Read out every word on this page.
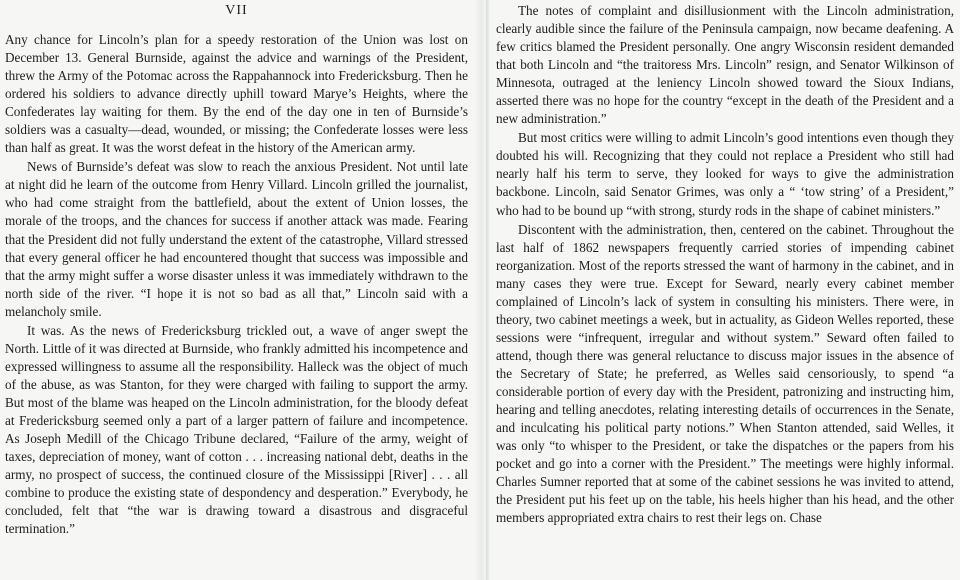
VII

Any chance for Lincoln’s plan for a speedy restoration of the Union was lost on December 13. General Burnside, against the advice and warnings of the President, threw the Army of the Potomac across the Rappahannock into Fredericksburg. Then he ordered his soldiers to advance directly uphill toward Marye’s Heights, where the Confederates lay waiting for them. By the end of the day one in ten of Burnside’s soldiers was a casualty—dead, wounded, or missing; the Confederate losses were less than half as great. It was the worst defeat in the history of the American army.

News of Burnside’s defeat was slow to reach the anxious President. Not until late at night did he learn of the outcome from Henry Villard. Lincoln grilled the journalist, who had come straight from the battlefield, about the extent of Union losses, the morale of the troops, and the chances for success if another attack was made. Fearing that the President did not fully understand the extent of the catastrophe, Villard stressed that every general officer he had encountered thought that success was impossible and that the army might suffer a worse disaster unless it was immediately withdrawn to the north side of the river. “I hope it is not so bad as all that,” Lincoln said with a melancholy smile.

It was. As the news of Fredericksburg trickled out, a wave of anger swept the North. Little of it was directed at Burnside, who frankly admitted his incompetence and expressed willingness to assume all the responsibility. Halleck was the object of much of the abuse, as was Stanton, for they were charged with failing to support the army. But most of the blame was heaped on the Lincoln administration, for the bloody defeat at Fredericksburg seemed only a part of a larger pattern of failure and incompetence. As Joseph Medill of the Chicago Tribune declared, “Failure of the army, weight of taxes, depreciation of money, want of cotton . . . increasing national debt, deaths in the army, no prospect of success, the continued closure of the Mississippi [River] . . . all combine to produce the existing state of despondency and desperation.” Everybody, he concluded, felt that “the war is drawing toward a disastrous and disgraceful termination.”

The notes of complaint and disillusionment with the Lincoln administration, clearly audible since the failure of the Peninsula campaign, now became deafening. A few critics blamed the President personally. One angry Wisconsin resident demanded that both Lincoln and “the traitoress Mrs. Lincoln” resign, and Senator Wilkinson of Minnesota, outraged at the leniency Lincoln showed toward the Sioux Indians, asserted there was no hope for the country “except in the death of the President and a new administration.”

But most critics were willing to admit Lincoln’s good intentions even though they doubted his will. Recognizing that they could not replace a President who still had nearly half his term to serve, they looked for ways to give the administration backbone. Lincoln, said Senator Grimes, was only a “ ‘tow string’ of a President,” who had to be bound up “with strong, sturdy rods in the shape of cabinet ministers.”

Discontent with the administration, then, centered on the cabinet. Throughout the last half of 1862 newspapers frequently carried stories of impending cabinet reorganization. Most of the reports stressed the want of harmony in the cabinet, and in many cases they were true. Except for Seward, nearly every cabinet member complained of Lincoln’s lack of system in consulting his ministers. There were, in theory, two cabinet meetings a week, but in actuality, as Gideon Welles reported, these sessions were “infrequent, irregular and without system.” Seward often failed to attend, though there was general reluctance to discuss major issues in the absence of the Secretary of State; he preferred, as Welles said censoriously, to spend “a considerable portion of every day with the President, patronizing and instructing him, hearing and telling anecdotes, relating interesting details of occurrences in the Senate, and inculcating his political party notions.” When Stanton attended, said Welles, it was only “to whisper to the President, or take the dispatches or the papers from his pocket and go into a corner with the President.” The meetings were highly informal. Charles Sumner reported that at some of the cabinet sessions he was invited to attend, the President put his feet up on the table, his heels higher than his head, and the other members appropriated extra chairs to rest their legs on. Chase
